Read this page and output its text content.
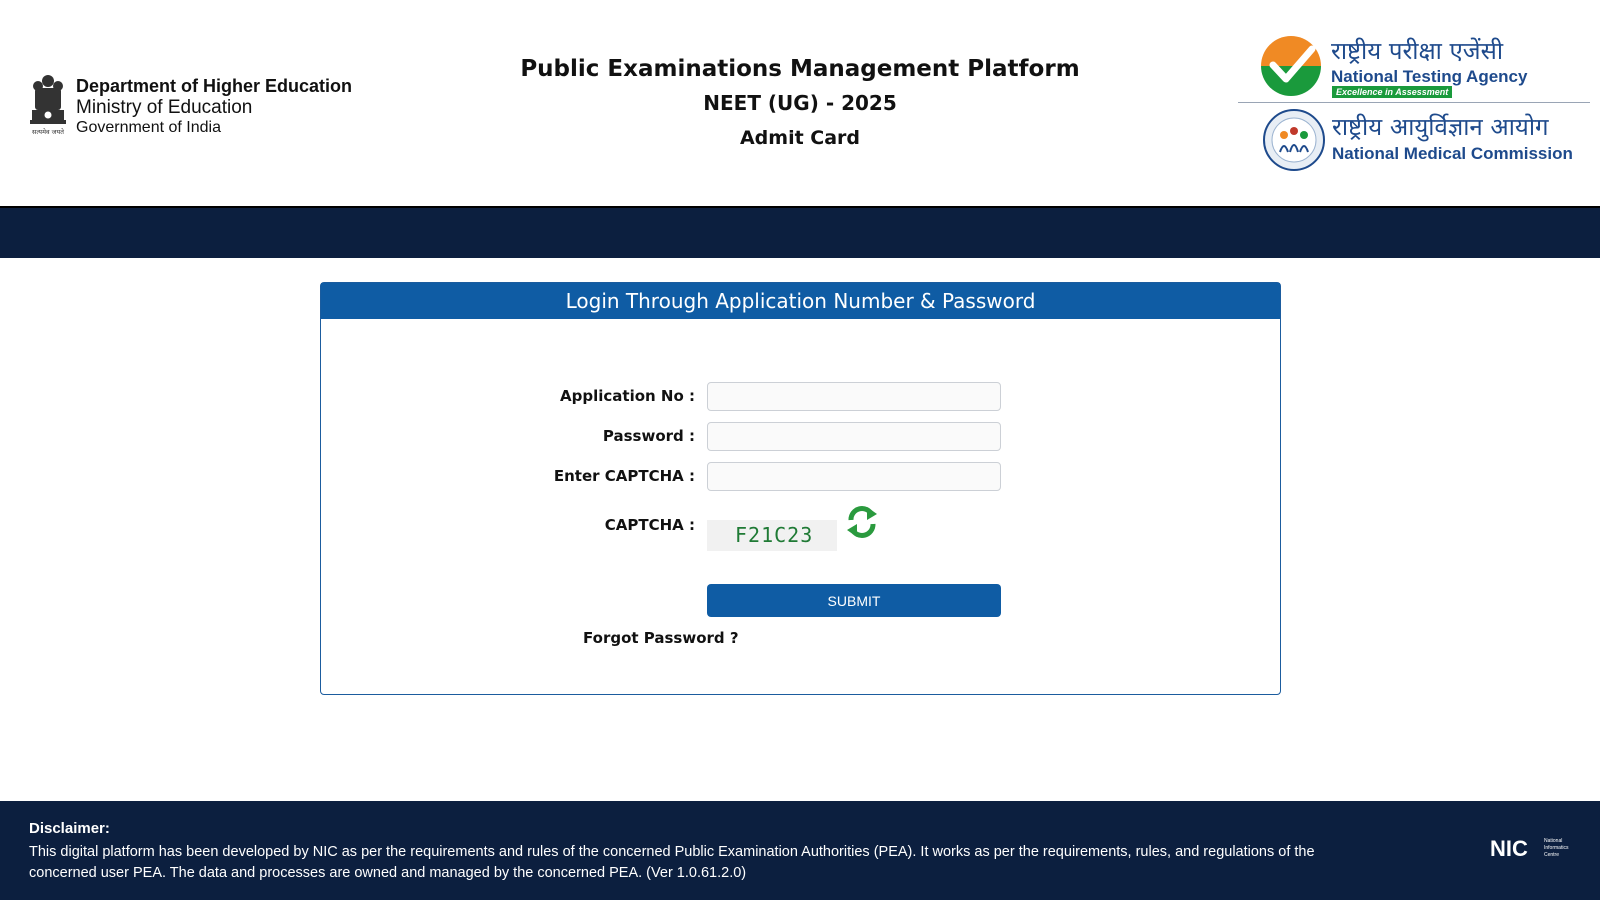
सत्यमेव जयते
Department of Higher Education
Ministry of Education
Government of India
Public Examinations Management Platform
NEET (UG) - 2025
Admit Card
राष्ट्रीय परीक्षा एजेंसी
National Testing Agency
Excellence in Assessment
राष्ट्रीय आयुर्विज्ञान आयोग
National Medical Commission
Login Through Application Number & Password
Application No :
Password :
Enter CAPTCHA :
CAPTCHA :	F21C23
SUBMIT
Forgot Password ?
Disclaimer:
This digital platform has been developed by NIC as per the requirements and rules of the concerned Public Examination Authorities (PEA). It works as per the requirements, rules, and regulations of the concerned user PEA. The data and processes are owned and managed by the concerned PEA. (Ver 1.0.61.2.0)
NIC	National
Informatics
Centre
